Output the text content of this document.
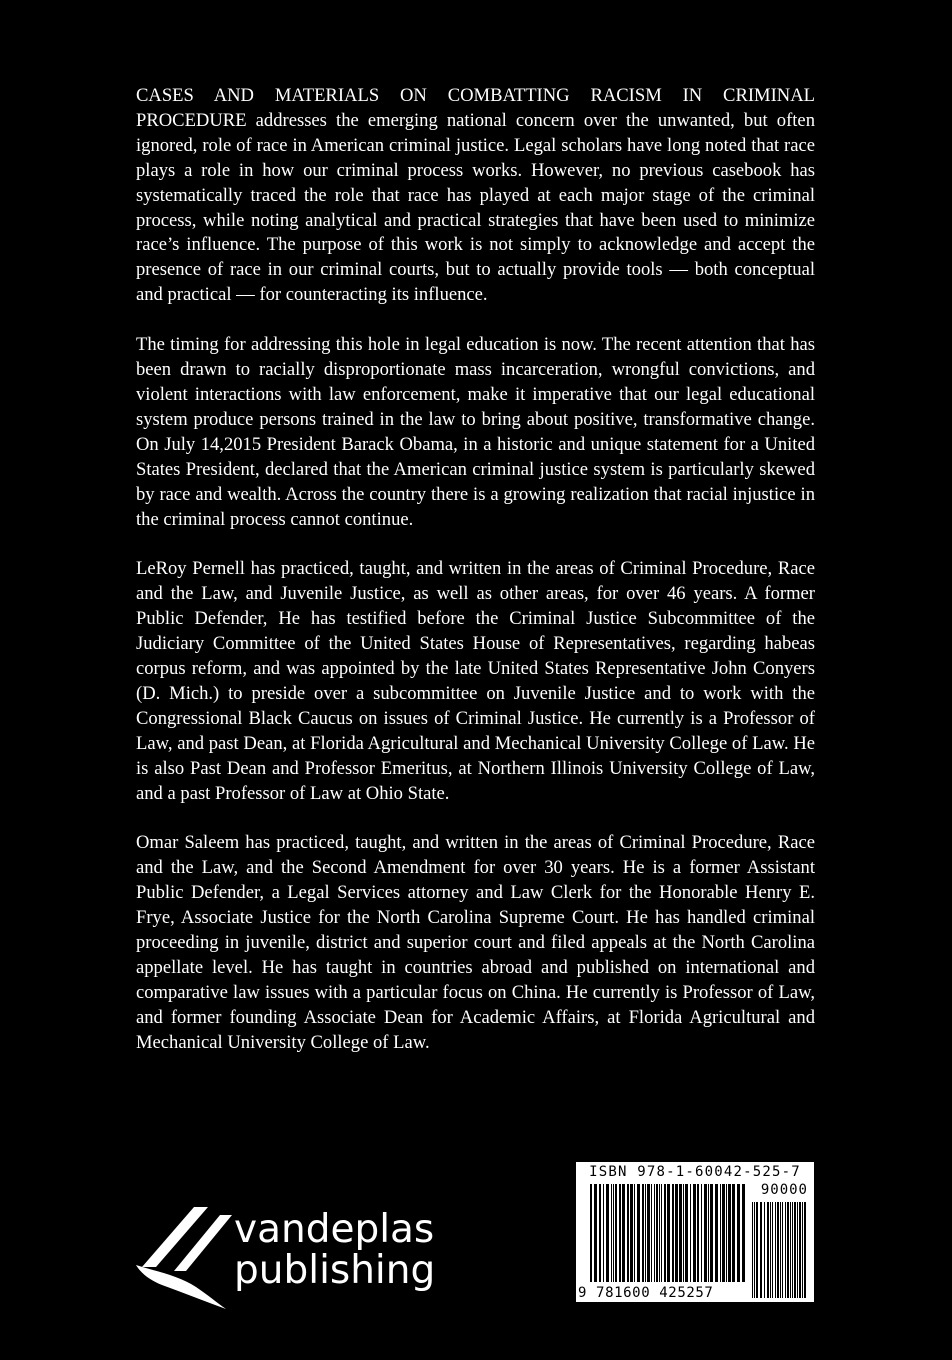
CASES AND MATERIALS ON COMBATTING RACISM IN CRIMINAL PROCEDURE addresses the emerging national concern over the unwanted, but often ignored, role of race in American criminal justice. Legal scholars have long noted that race plays a role in how our criminal process works. However, no previous casebook has systematically traced the role that race has played at each major stage of the criminal process, while noting analytical and practical strategies that have been used to minimize race’s influence. The purpose of this work is not simply to acknowledge and accept the presence of race in our criminal courts, but to actually provide tools — both conceptual and practical — for counteracting its influence.

The timing for addressing this hole in legal education is now. The recent attention that has been drawn to racially disproportionate mass incarceration, wrongful convictions, and violent interactions with law enforcement, make it imperative that our legal educational system produce persons trained in the law to bring about positive, transformative change. On July 14,2015 President Barack Obama, in a historic and unique statement for a United States President, declared that the American criminal justice system is particularly skewed by race and wealth. Across the country there is a growing realization that racial injustice in the criminal process cannot continue.

LeRoy Pernell has practiced, taught, and written in the areas of Criminal Procedure, Race and the Law, and Juvenile Justice, as well as other areas, for over 46 years. A former Public Defender, He has testified before the Criminal Justice Subcommittee of the Judiciary Committee of the United States House of Representatives, regarding habeas corpus reform, and was appointed by the late United States Representative John Conyers (D. Mich.) to preside over a subcommittee on Juvenile Justice and to work with the Congressional Black Caucus on issues of Criminal Justice. He currently is a Professor of Law, and past Dean, at Florida Agricultural and Mechanical University College of Law. He is also Past Dean and Professor Emeritus, at Northern Illinois University College of Law, and a past Professor of Law at Ohio State.

Omar Saleem has practiced, taught, and written in the areas of Criminal Procedure, Race and the Law, and the Second Amendment for over 30 years. He is a former Assistant Public Defender, a Legal Services attorney and Law Clerk for the Honorable Henry E. Frye, Associate Justice for the North Carolina Supreme Court. He has handled criminal proceeding in juvenile, district and superior court and filed appeals at the North Carolina appellate level. He has taught in countries abroad and published on international and comparative law issues with a particular focus on China. He currently is Professor of Law, and former founding Associate Dean for Academic Affairs, at Florida Agricultural and Mechanical University College of Law.

vandeplas
publishing
ISBN 978-1-60042-525-7
90000
9 781600 425257
